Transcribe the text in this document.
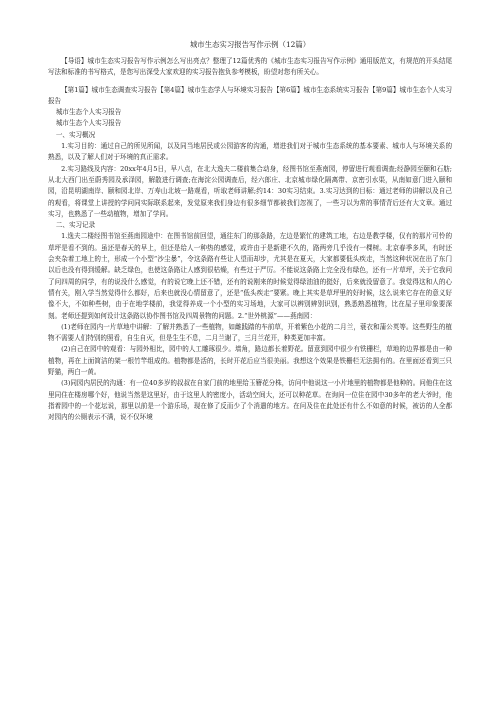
城市生态实习报告写作示例（12篇）

【导语】城市生态实习报告写作示例怎么写出亮点？整理了12篇优秀的《城市生态实习报告写作示例》通用版范文，有规范的开头结尾写法和标准的书写格式，是您写出深受大家欢迎的实习报告抱负参考模板，盼望对您有所关心。

【第1篇】城市生态调查实习报告【第4篇】城市生态学人与环境实习报告【第6篇】城市生态系统实习报告【第9篇】城市生态个人实习报告

城市生态个人实习报告

城市生态个人实习报告

一、实习概况

1.实习目的：通过自己的所见所闻，以及同当地居民或公园游客的沟通，增进我们对于城市生态系统的基本要素、城市人与环境关系的熟悉，以及了解人们对于环境的真正需求。

2.实习路线及内容：20xx年4月5日，早八点，在北大逸夫二楼前集合动身，经图书馆至燕南园，停留进行观看调查;经静园至颐和石舫;从北大西门出至蔚秀园及承泽园，解散进行调查;在海淀公园调查后，经六郎庄、北京城市绿化隔离带、京密引水渠，从南如意门进入颐和园，沿昆明湖南岸、颐和园北岸、万寿山北坡一路观看，听取老师讲解;约14：30实习结束。3.实习达到的目标：通过老师的讲解以及自己的观看，将课堂上讲授的学问同实际联系起来，发觉原来我们身边有很多细节都被我们忽视了，一些习以为常的事情背后还有大文章。通过实习，也熟悉了一些动植物，增加了学问。

二、实习记录

1.逸夫二楼经图书馆至燕南园途中：在图书馆前回望，通往东门的那条路，左边是繁忙的建筑工地，右边是教学楼，仅有的那片可怜的草坪是看不到的。虽还是春天的早上，但还是给人一种热的感觉，或许由于是新建不久的，路两旁几乎没有一棵树。北京春季多风，有时还会夹杂着工地上的土，形成一个小型“沙尘暴”，令这条路有些让人望而却步，尤其是在夏天，大家都要低头疾走，当然这种状况在出了东门以后也没有得到缓解。缺乏绿色，也使这条路让人感到很枯燥，有些过于严厉。不能说这条路上完全没有绿色，还有一片草坪，关于它我问了问四周的同学，有的说没什么感觉，有的说它晚上还不错，还有的说刚来的时候觉得绿油油的挺好，后来就没留意了。我觉得这和人的心情有关，刚入学当然觉得什么都好，后来也就没心情留意了，还是“低头疾走”要紧。晚上其实是草坪里的好时候，这么说来它存在的意义好像不大，不如种些树，由于在地学楼前，我觉得养成一个小型的实习场地，大家可以辨别辨别识别，熟悉熟悉植物，比在屋子里印象要深刻。老师还提到如何设计这条路以协作图书馆及四周景物的问题。2.“世外桃源”——燕南园：

(1)老师在园内一片草地中讲解：了解并熟悉了一些植物，如雌践踏的车前草，开着紫色小花的二月兰，蓑衣和蒲公英等。这些野生的植物不需要人们特别的照看，自生自灭，但是生生不息，二月兰谢了，三月兰花开，种类更加丰富。

(2)自己在园中的观看：与园外相比，园中的人工雕琢很少。墙角，路边都长着野花。留意到园中很少有铁栅栏，草地的边界都是由一种植物，再在上面简洁的架一根竹竿组成的。植物都是活的，长时开花后应当很美丽。我想这个效果是铁栅栏无法拥有的。在里面还看到三只野猫，两白一黄。

(3)同园内居民的沟通：有一位40多岁的叔叔在自家门前的地里给玉簪花分株，访问中他说这一小片地里的植物都是他种的。问他住在这里同住在楼房哪个好，他说当然是这里好，由于这里人的密度小，活动空间大，还可以种花草。在询问一位住在园中30多年的老大爷时，他指着园中的一个花坛说，那里以前是一个游乐场，现在修了反而少了个消遣的地方。在问及住在此处还有什么不如意的时候，被访的人全都对园内的公厕表示不满，说不仅环境
